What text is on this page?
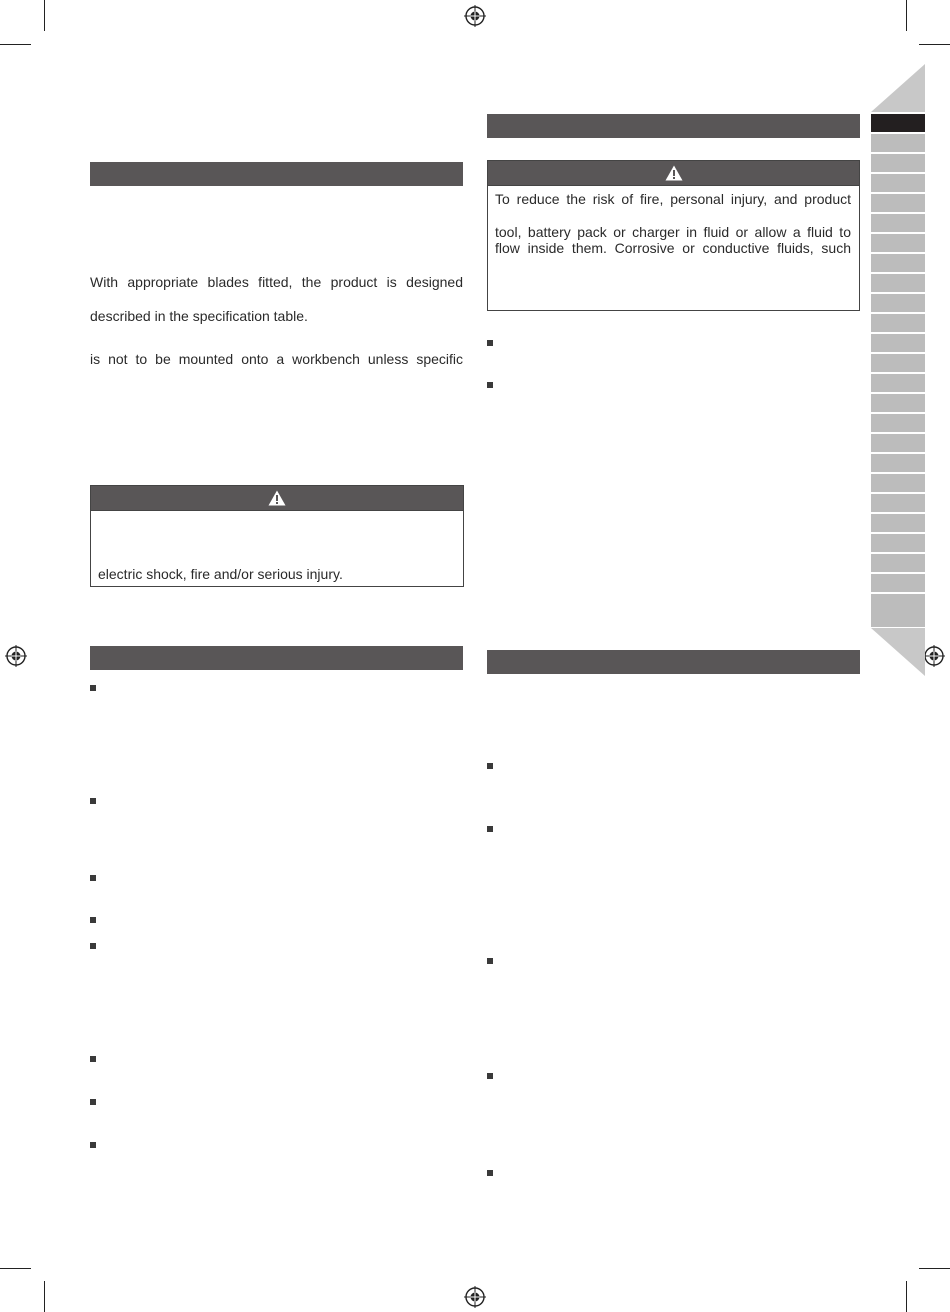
With appropriate blades fitted, the product is designed

described in the specification table.

is not to be mounted onto a workbench unless specific

electric shock, fire and/or serious injury.

To reduce the risk of fire, personal injury, and product

tool, battery pack or charger in fluid or allow a fluid to

flow inside them. Corrosive or conductive fluids, such
